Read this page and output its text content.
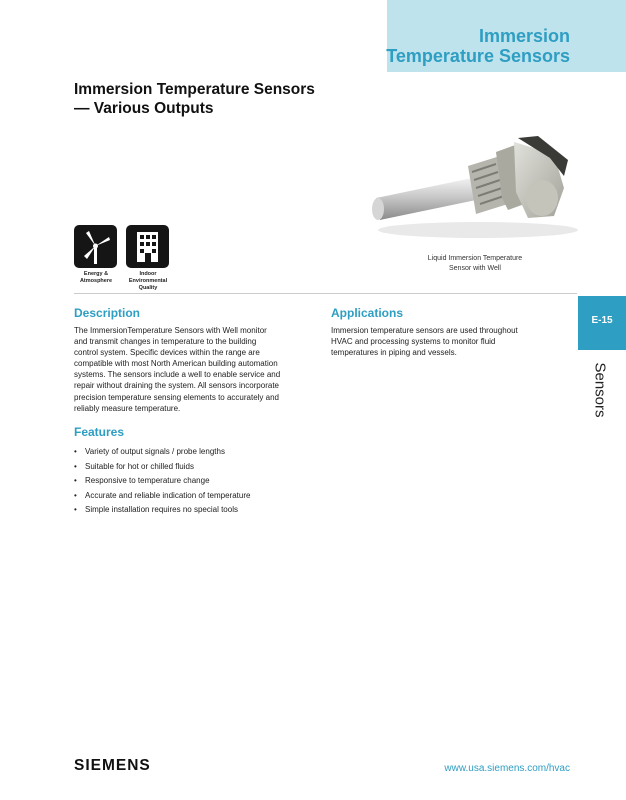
Immersion
Temperature Sensors
Immersion Temperature Sensors
— Various Outputs
Liquid Immersion Temperature
Sensor with Well
Energy &
Atmosphere
Indoor
Environmental
Quality
Description
The ImmersionTemperature Sensors with Well monitor
and transmit changes in temperature to the building
control system. Specific devices within the range are
compatible with most North American building automation
systems. The sensors include a well to enable service and
repair without draining the system. All sensors incorporate
precision temperature sensing elements to accurately and
reliably measure temperature.
Features
• Variety of output signals / probe lengths
• Suitable for hot or chilled fluids
• Responsive to temperature change
• Accurate and reliable indication of temperature
• Simple installation requires no special tools
Applications
Immersion temperature sensors are used throughout
HVAC and processing systems to monitor fluid
temperatures in piping and vessels.
E-15
Sensors
SIEMENS	www.usa.siemens.com/hvac
